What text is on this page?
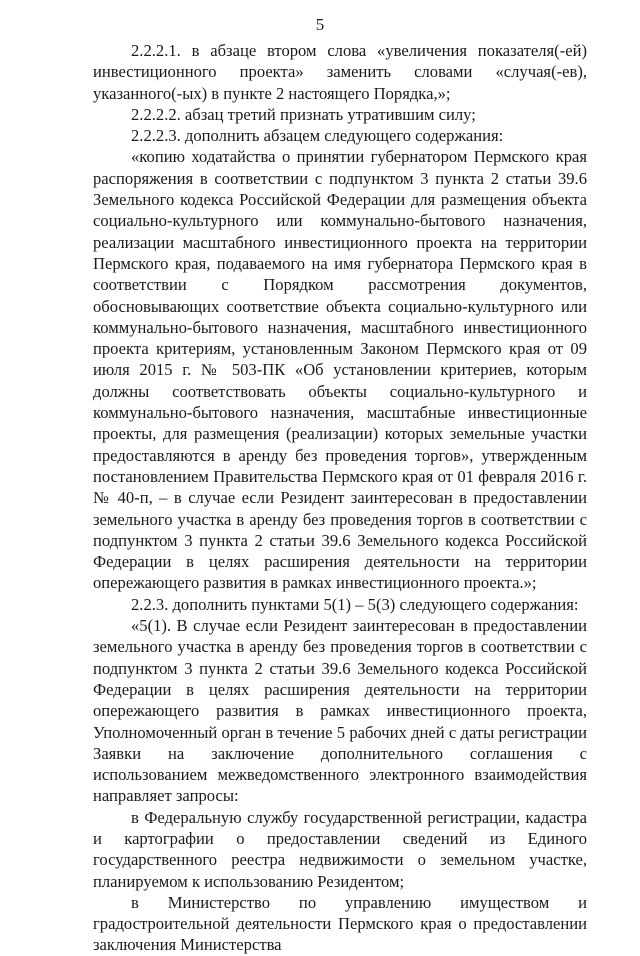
5

2.2.2.1. в абзаце втором слова «увеличения показателя(-ей) инвестиционного проекта» заменить словами «случая(-ев), указанного(-ых) в пункте 2 настоящего Порядка,»;

2.2.2.2. абзац третий признать утратившим силу;

2.2.2.3. дополнить абзацем следующего содержания:

«копию ходатайства о принятии губернатором Пермского края распоряжения в соответствии с подпунктом 3 пункта 2 статьи 39.6 Земельного кодекса Российской Федерации для размещения объекта социально-культурного или коммунально-бытового назначения, реализации масштабного инвестиционного проекта на территории Пермского края, подаваемого на имя губернатора Пермского края в соответствии с Порядком рассмотрения документов, обосновывающих соответствие объекта социально-культурного или коммунально-бытового назначения, масштабного инвестиционного проекта критериям, установленным Законом Пермского края от 09 июля 2015 г. № 503-ПК «Об установлении критериев, которым должны соответствовать объекты социально-культурного и коммунально-бытового назначения, масштабные инвестиционные проекты, для размещения (реализации) которых земельные участки предоставляются в аренду без проведения торгов», утвержденным постановлением Правительства Пермского края от 01 февраля 2016 г. № 40-п, – в случае если Резидент заинтересован в предоставлении земельного участка в аренду без проведения торгов в соответствии с подпунктом 3 пункта 2 статьи 39.6 Земельного кодекса Российской Федерации в целях расширения деятельности на территории опережающего развития в рамках инвестиционного проекта.»;

2.2.3. дополнить пунктами 5(1) – 5(3) следующего содержания:

«5(1). В случае если Резидент заинтересован в предоставлении земельного участка в аренду без проведения торгов в соответствии с подпунктом 3 пункта 2 статьи 39.6 Земельного кодекса Российской Федерации в целях расширения деятельности на территории опережающего развития в рамках инвестиционного проекта, Уполномоченный орган в течение 5 рабочих дней с даты регистрации Заявки на заключение дополнительного соглашения с использованием межведомственного электронного взаимодействия направляет запросы:

в Федеральную службу государственной регистрации, кадастра и картографии о предоставлении сведений из Единого государственного реестра недвижимости о земельном участке, планируемом к использованию Резидентом;

в Министерство по управлению имуществом и градостроительной деятельности Пермского края о предоставлении заключения Министерства
